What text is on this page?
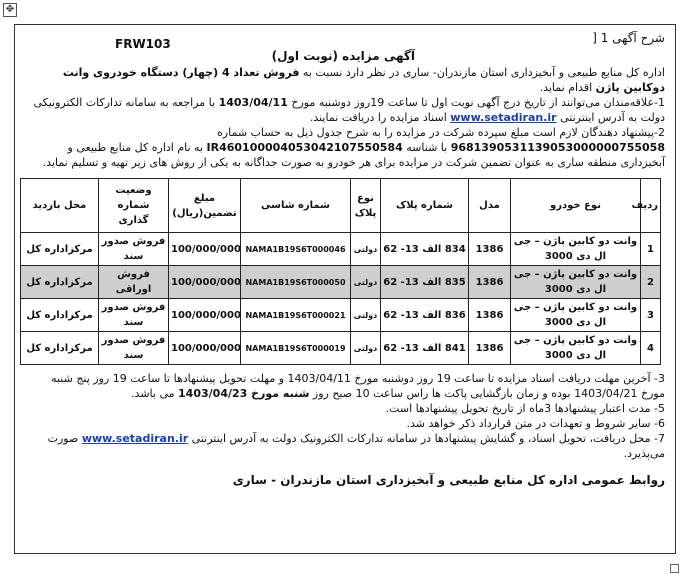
✥
شرح آگهی 1 [
FRW103
آگهی مزایده (نوبت اول)

اداره کل منابع طبیعی و آبخیزداری استان مازندران- ساری در نظر دارد نسبت به فروش تعداد 4 (چهار) دستگاه خودروی وانت دوکابین پاژن اقدام نماید.

1-علاقه‌مندان می‌توانند از تاریخ درج آگهی نوبت اول تا ساعت 19روز دوشنبه مورخ 1403/04/11 با مراجعه به سامانه تدارکات الکترونیکی دولت به آدرس اینترنتی www.setadiran.ir اسناد مزایده را دریافت نمایند.

2-پیشنهاد دهندگان لازم است مبلغ سپرده شرکت در مزایده را به شرح جدول ذیل به حساب شماره 9681390531139053000000755058 با شناسه IR460100004053042107550584 به نام اداره کل منابع طبیعی و آبخیزداری منطقه ساری به عنوان تضمین شرکت در مزایده برای هر خودرو به صورت جداگانه به یکی از روش های زیر تهیه و تسلیم نماید.

ردیف	نوع خودرو	مدل	شماره پلاک	نوع پلاک	شماره شاسی	مبلغ تضمین(ریال)	وضعیت شماره گذاری	محل بازدید
1	وانت دو کابین پاژن – جی ال دی 3000	1386	834 الف 13- 62	دولتی	NAMA1B19S6T000046	100/000/000	فروش صدور سند	مرکزاداره کل
2	وانت دو کابین پاژن – جی ال دی 3000	1386	835 الف 13- 62	دولتی	NAMA1B19S6T000050	100/000/000	فروش اوراقی	مرکزاداره کل
3	وانت دو کابین پاژن – جی ال دی 3000	1386	836 الف 13- 62	دولتی	NAMA1B19S6T000021	100/000/000	فروش صدور سند	مرکزاداره کل
4	وانت دو کابین پاژن – جی ال دی 3000	1386	841 الف 13- 62	دولتی	NAMA1B19S6T000019	100/000/000	فروش صدور سند	مرکزاداره کل

3- آخرین مهلت دریافت اسناد مزایده تا ساعت 19 روز دوشنبه مورخ 1403/04/11 و مهلت تحویل پیشنهادها تا ساعت 19 روز پنج شنبه مورخ 1403/04/21 بوده و زمان بازگشایی پاکت ها راس ساعت 10 صبح روز شنبه مورخ 1403/04/23 می باشد.

5- مدت اعتبار پیشنهادها 3ماه از تاریخ تحویل پیشنهادها است.

6- سایر شروط و تعهدات در متن قرارداد ذکر خواهد شد.

7- محل دریافت، تحویل اسناد، و گشایش پیشنهادها در سامانه تدارکات الکترونیک دولت به آدرس اینترنتی www.setadiran.ir صورت می‌پذیرد.

روابط عمومی اداره کل منابع طبیعی و آبخیزداری استان مازندران - ساری
